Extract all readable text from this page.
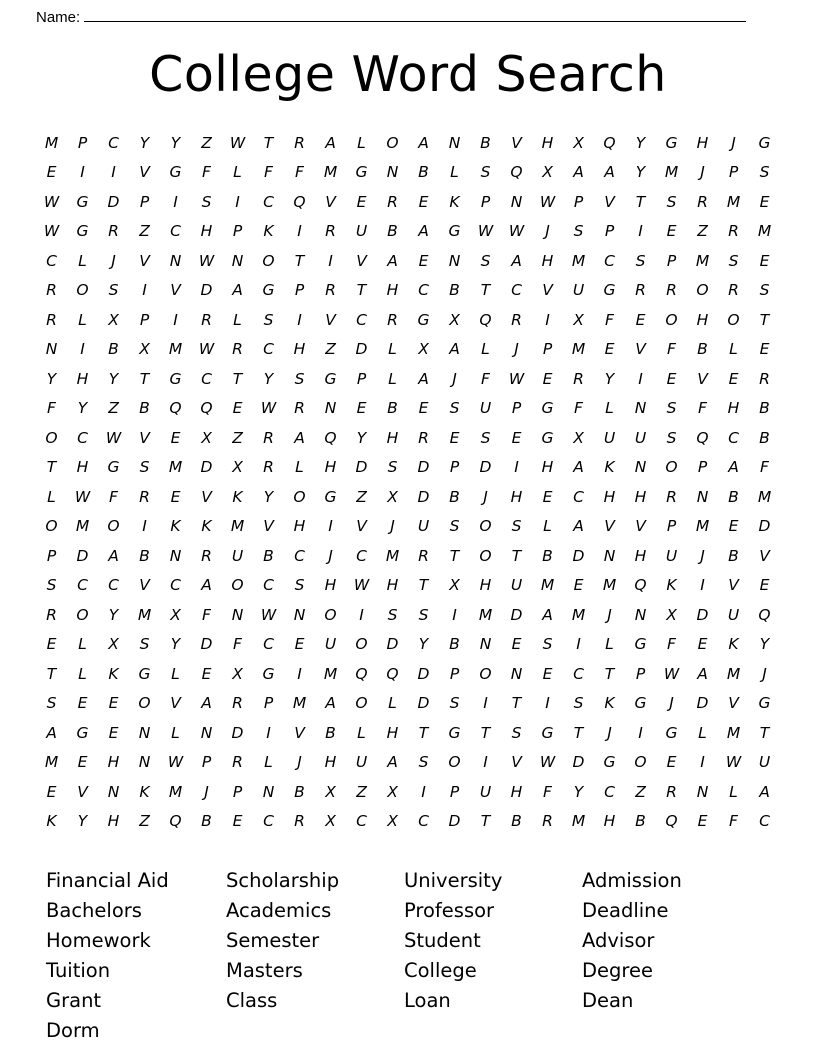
Name:
College Word Search
M	P	C	Y	Y	Z	W	T	R	A	L	O	A	N	B	V	H	X	Q	Y	G	H	J	G
E	I	I	V	G	F	L	F	F	M	G	N	B	L	S	Q	X	A	A	Y	M	J	P	S
W	G	D	P	I	S	I	C	Q	V	E	R	E	K	P	N	W	P	V	T	S	R	M	E
W	G	R	Z	C	H	P	K	I	R	U	B	A	G	W	W	J	S	P	I	E	Z	R	M
C	L	J	V	N	W	N	O	T	I	V	A	E	N	S	A	H	M	C	S	P	M	S	E
R	O	S	I	V	D	A	G	P	R	T	H	C	B	T	C	V	U	G	R	R	O	R	S
R	L	X	P	I	R	L	S	I	V	C	R	G	X	Q	R	I	X	F	E	O	H	O	T
N	I	B	X	M	W	R	C	H	Z	D	L	X	A	L	J	P	M	E	V	F	B	L	E
Y	H	Y	T	G	C	T	Y	S	G	P	L	A	J	F	W	E	R	Y	I	E	V	E	R
F	Y	Z	B	Q	Q	E	W	R	N	E	B	E	S	U	P	G	F	L	N	S	F	H	B
O	C	W	V	E	X	Z	R	A	Q	Y	H	R	E	S	E	G	X	U	U	S	Q	C	B
T	H	G	S	M	D	X	R	L	H	D	S	D	P	D	I	H	A	K	N	O	P	A	F
L	W	F	R	E	V	K	Y	O	G	Z	X	D	B	J	H	E	C	H	H	R	N	B	M
O	M	O	I	K	K	M	V	H	I	V	J	U	S	O	S	L	A	V	V	P	M	E	D
P	D	A	B	N	R	U	B	C	J	C	M	R	T	O	T	B	D	N	H	U	J	B	V
S	C	C	V	C	A	O	C	S	H	W	H	T	X	H	U	M	E	M	Q	K	I	V	E
R	O	Y	M	X	F	N	W	N	O	I	S	S	I	M	D	A	M	J	N	X	D	U	Q
E	L	X	S	Y	D	F	C	E	U	O	D	Y	B	N	E	S	I	L	G	F	E	K	Y
T	L	K	G	L	E	X	G	I	M	Q	Q	D	P	O	N	E	C	T	P	W	A	M	J
S	E	E	O	V	A	R	P	M	A	O	L	D	S	I	T	I	S	K	G	J	D	V	G
A	G	E	N	L	N	D	I	V	B	L	H	T	G	T	S	G	T	J	I	G	L	M	T
M	E	H	N	W	P	R	L	J	H	U	A	S	O	I	V	W	D	G	O	E	I	W	U
E	V	N	K	M	J	P	N	B	X	Z	X	I	P	U	H	F	Y	C	Z	R	N	L	A
K	Y	H	Z	Q	B	E	C	R	X	C	X	C	D	T	B	R	M	H	B	Q	E	F	C
Financial Aid
Bachelors
Homework
Tuition
Grant
Dorm
Scholarship
Academics
Semester
Masters
Class
University
Professor
Student
College
Loan
Admission
Deadline
Advisor
Degree
Dean
